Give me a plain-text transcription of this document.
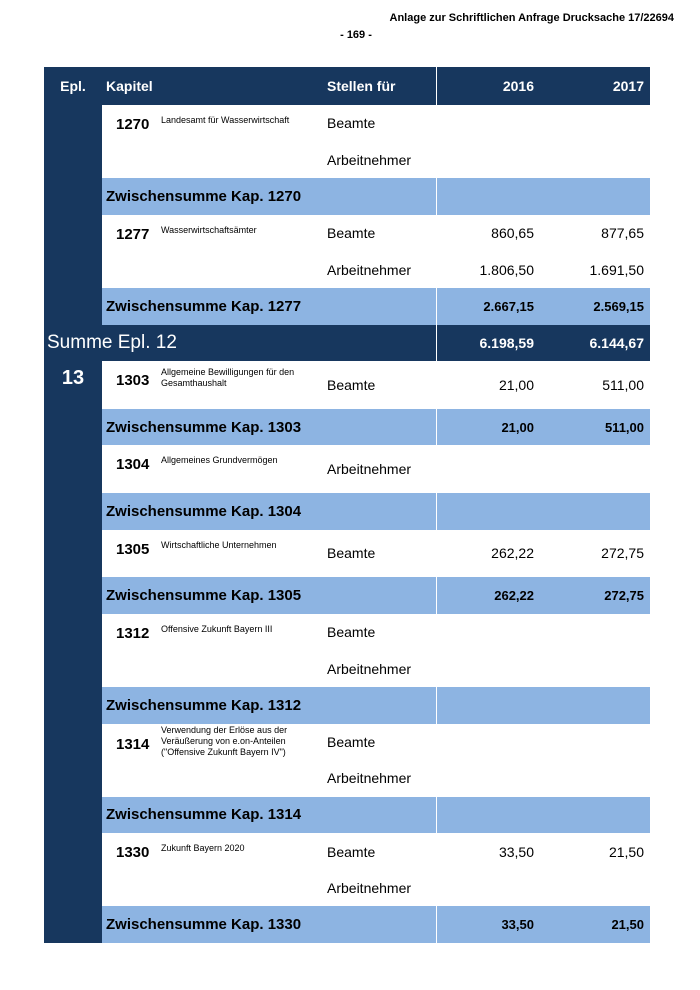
Anlage zur Schriftlichen Anfrage Drucksache 17/22694
- 169 -
Epl.	Kapitel		Stellen für	2016	2017
	1270	Landesamt für Wasserwirtschaft	Beamte		
			Arbeitnehmer		
	Zwischensumme Kap. 1270				
	1277	Wasserwirtschaftsämter	Beamte	860,65	877,65
			Arbeitnehmer	1.806,50	1.691,50
	Zwischensumme Kap. 1277			2.667,15	2.569,15
Summe Epl. 12				6.198,59	6.144,67

13	1303	Allgemeine Bewilligungen für den Gesamthaushalt	Beamte	21,00	511,00
	Zwischensumme Kap. 1303			21,00	511,00
	1304	Allgemeines Grundvermögen	Arbeitnehmer		
	Zwischensumme Kap. 1304				
	1305	Wirtschaftliche Unternehmen	Beamte	262,22	272,75
	Zwischensumme Kap. 1305			262,22	272,75
	1312	Offensive Zukunft Bayern III	Beamte		
			Arbeitnehmer		
	Zwischensumme Kap. 1312				
	1314	Verwendung der Erlöse aus der Veräußerung von e.on-Anteilen ("Offensive Zukunft Bayern IV")	Beamte		
			Arbeitnehmer		
	Zwischensumme Kap. 1314				
	1330	Zukunft Bayern 2020	Beamte	33,50	21,50
			Arbeitnehmer		
	Zwischensumme Kap. 1330			33,50	21,50
